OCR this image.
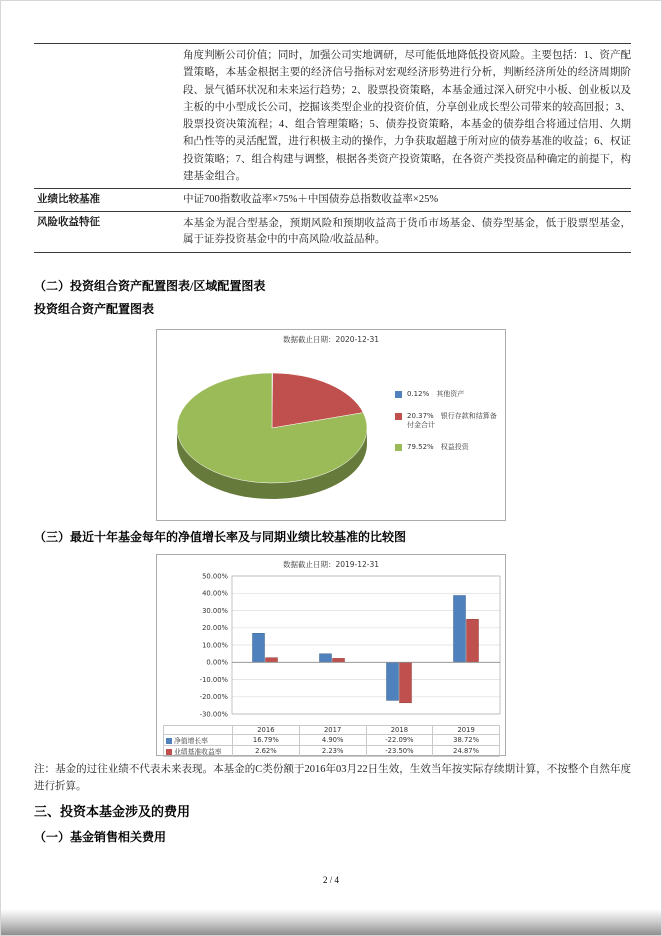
角度判断公司价值；同时，加强公司实地调研，尽可能低地降低投资风险。主要包括：1、资产配置策略，本基金根据主要的经济信号指标对宏观经济形势进行分析，判断经济所处的经济周期阶段、景气循环状况和未来运行趋势；2、股票投资策略，本基金通过深入研究中小板、创业板以及主板的中小型成长公司，挖掘该类型企业的投资价值，分享创业成长型公司带来的较高回报；3、股票投资决策流程；4、组合管理策略；5、债券投资策略，本基金的债券组合将通过信用、久期和凸性等的灵活配置，进行积极主动的操作，力争获取超越于所对应的债券基准的收益；6、权证投资策略；7、组合构建与调整，根据各类资产投资策略，在各资产类投资品种确定的前提下，构建基金组合。
业绩比较基准	中证700指数收益率×75%＋中国债券总指数收益率×25%
风险收益特征	本基金为混合型基金，预期风险和预期收益高于货币市场基金、债券型基金，低于股票型基金，属于证券投资基金中的中高风险/收益品种。
（二）投资组合资产配置图表/区域配置图表
投资组合资产配置图表
数据截止日期：2020-12-31
0.12%　其他资产
20.37%　银行存款和结算备付金合计
79.52%　权益投资
（三）最近十年基金每年的净值增长率及与同期业绩比较基准的比较图
数据截止日期：2019-12-31
50.00%
40.00%
30.00%
20.00%
10.00%
0.00%
-10.00%
-20.00%
-30.00%
	2016	2017	2018	2019
净值增长率	16.79%	4.90%	-22.09%	38.72%
业绩基准收益率	2.62%	2.23%	-23.50%	24.87%
注：基金的过往业绩不代表未来表现。本基金的C类份额于2016年03月22日生效，生效当年按实际存续期计算，不按整个自然年度进行折算。
三、投资本基金涉及的费用
（一）基金销售相关费用
2 / 4
